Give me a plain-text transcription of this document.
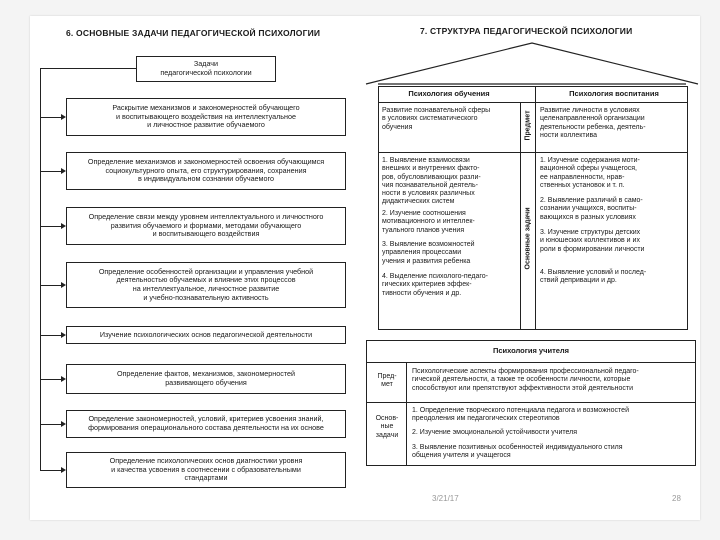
6. ОСНОВНЫЕ ЗАДАЧИ ПЕДАГОГИЧЕСКОЙ ПСИХОЛОГИИ
Задачи
педагогической психологии
Раскрытие механизмов и закономерностей обучающего
и воспитывающего воздействия на интеллектуальное
и личностное развитие обучаемого
Определение механизмов и закономерностей освоения обучающимся
социокультурного опыта, его структурирования, сохранения
в индивидуальном сознании обучаемого
Определение связи между уровнем интеллектуального и личностного
развития обучаемого и формами, методами обучающего
и воспитывающего воздействия
Определение особенностей организации и управления учебной
деятельностью обучаемых и влияние этих процессов
на интеллектуальное, личностное развитие
и учебно-познавательную активность
Изучение психологических основ педагогической деятельности
Определение фактов, механизмов, закономерностей
развивающего обучения
Определение закономерностей, условий, критериев усвоения знаний,
формирования операционального состава деятельности на их основе
Определение психологических основ диагностики уровня
и качества усвоения в соотнесении с образовательными
стандартами
7. СТРУКТУРА ПЕДАГОГИЧЕСКОЙ ПСИХОЛОГИИ
Психология обучения	Психология воспитания
Развитие познавательной сферы
в условиях систематического
обучения
Развитие личности в условиях
целенаправленной организации
деятельности ребенка, деятель-
ности коллектива
Предмет
Основные задачи
1. Выявление взаимосвязи
внешних и внутренних факто-
ров, обусловливающих разли-
чия познавательной деятель-
ности в условиях различных
дидактических систем
2. Изучение соотношения
мотивационного и интеллек-
туального планов учения
3. Выявление возможностей
управления процессами
учения и развития ребенка
4. Выделение психолого-педаго-
гических критериев эффек-
тивности обучения и др.
1. Изучение содержания моти-
вационной сферы учащегося,
ее направленности, нрав-
ственных установок и т. п.
2. Выявление различий в само-
сознании учащихся, воспиты-
вающихся в разных условиях
3. Изучение структуры детских
и юношеских коллективов и их
роли в формировании личности
4. Выявление условий и послед-
ствий депривации и др.
Психология учителя
Пред-
мет
Психологические аспекты формирования профессиональной педаго-
гической деятельности, а также те особенности личности, которые
способствуют или препятствуют эффективности этой деятельности
Основ-
ные
задачи
1. Определение творческого потенциала педагога и возможностей
преодоления им педагогических стереотипов
2. Изучение эмоциональной устойчивости учителя
3. Выявление позитивных особенностей индивидуального стиля
общения учителя и учащегося
3/21/17	28
